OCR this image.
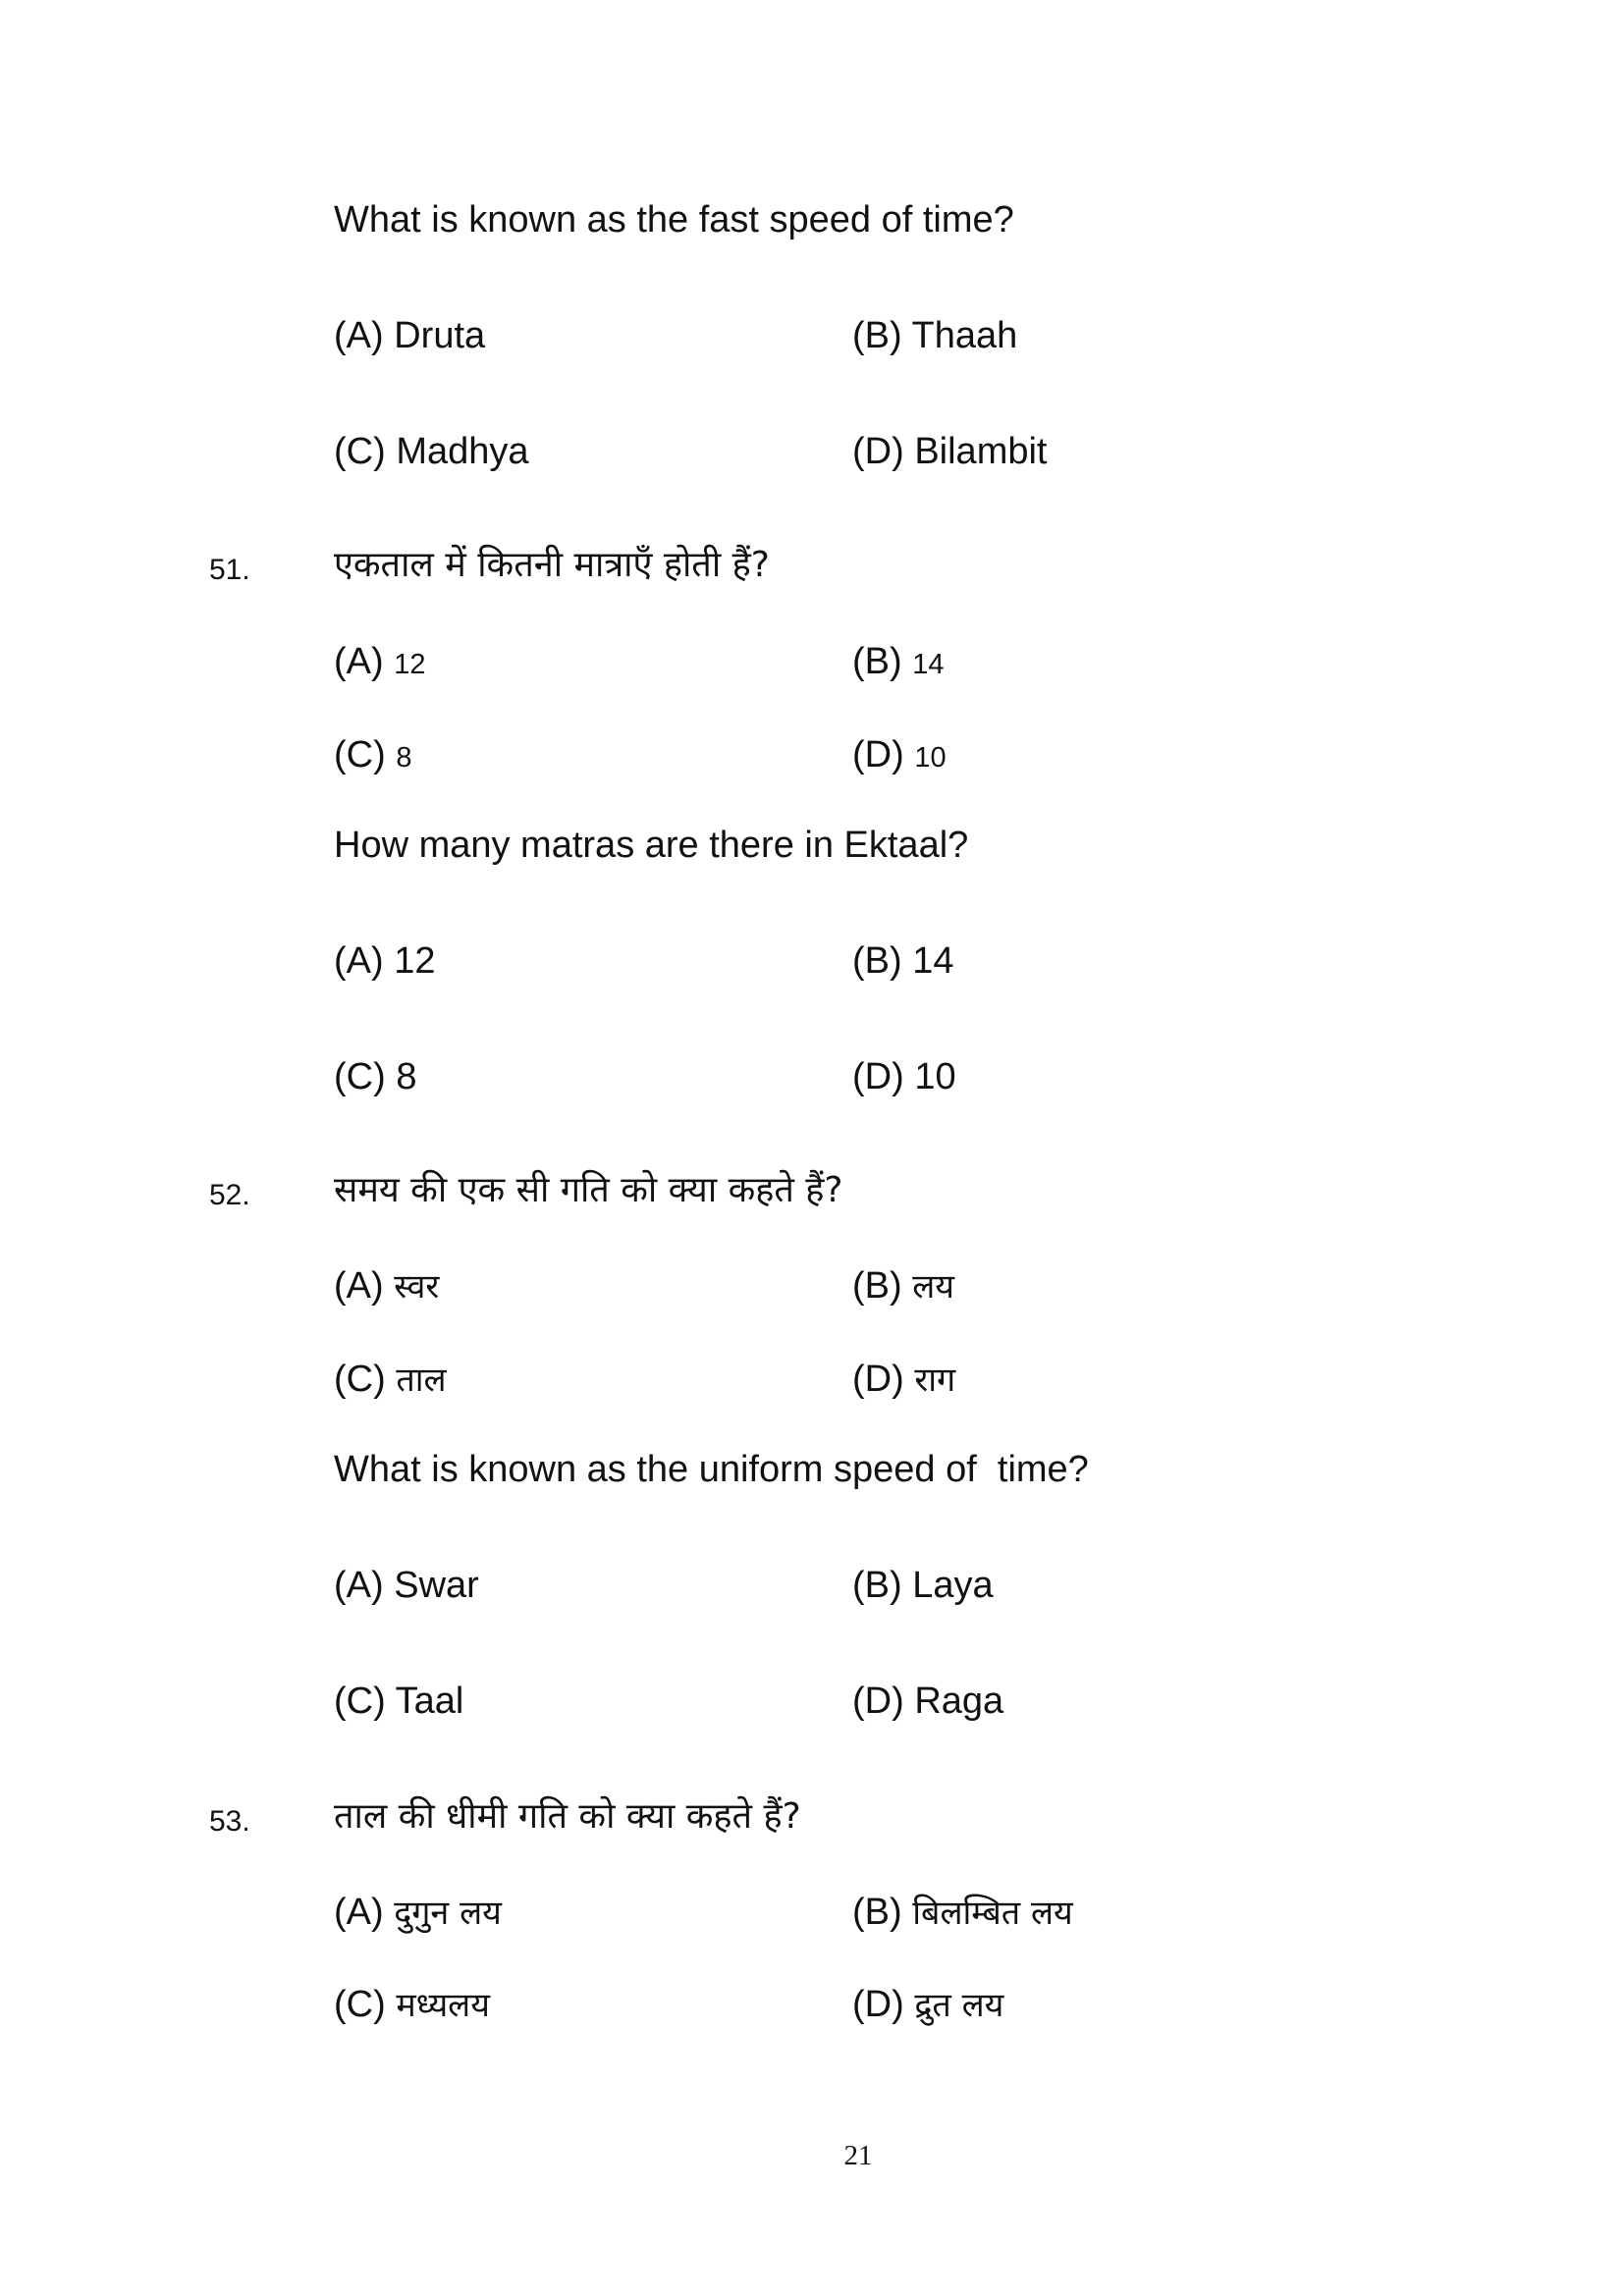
What is known as the fast speed of time?
(A) Druta	(B) Thaah
(C) Madhya	(D) Bilambit
51. एकताल में कितनी मात्राएँ होती हैं?
(A) 12	(B) 14
(C) 8	(D) 10
How many matras are there in Ektaal?
(A) 12	(B) 14
(C) 8	(D) 10
52. समय की एक सी गति को क्या कहते हैं?
(A) स्वर	(B) लय
(C) ताल	(D) राग
What is known as the uniform speed of  time?
(A) Swar	(B) Laya
(C) Taal	(D) Raga
53. ताल की धीमी गति को क्या कहते हैं?
(A) दुगुन लय	(B) बिलम्बित लय
(C) मध्यलय	(D) द्रुत लय
21
